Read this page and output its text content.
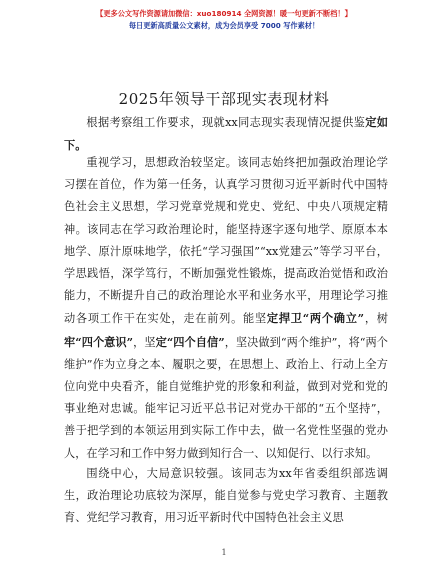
【更多公文写作资源请加微信：xuo180914 全网资源！暖一句更新不断档！】
每日更新高质量公文素材，成为会员享受 7000 写作素材！
2025年领导干部现实表现材料

根据考察组工作要求，现就xx同志现实表现情况提供鉴定如下。

重视学习，思想政治较坚定。该同志始终把加强政治理论学习摆在首位，作为第一任务，认真学习贯彻习近平新时代中国特色社会主义思想，学习党章党规和党史、党纪、中央八项规定精神。该同志在学习政治理论时，能坚持逐字逐句地学、原原本本地学、原汁原味地学，依托“学习强国”“xx党建云”等学习平台，学思践悟，深学笃行，不断加强党性锻炼，提高政治觉悟和政治能力，不断提升自己的政治理论水平和业务水平，用理论学习推动各项工作干在实处，走在前列。能坚定捍卫“两个确立”，树牢“四个意识”，坚定“四个自信”，坚决做到“两个维护”，将“两个维护”作为立身之本、履职之要，在思想上、政治上、行动上全方位向党中央看齐，能自觉维护党的形象和利益，做到对党和党的事业绝对忠诚。能牢记习近平总书记对党办干部的“五个坚持”，善于把学到的本领运用到实际工作中去，做一名党性坚强的党办人，在学习和工作中努力做到知行合一、以知促行、以行求知。

围绕中心，大局意识较强。该同志为xx年省委组织部选调生，政治理论功底较为深厚，能自觉参与党史学习教育、主题教育、党纪学习教育，用习近平新时代中国特色社会主义思

1
